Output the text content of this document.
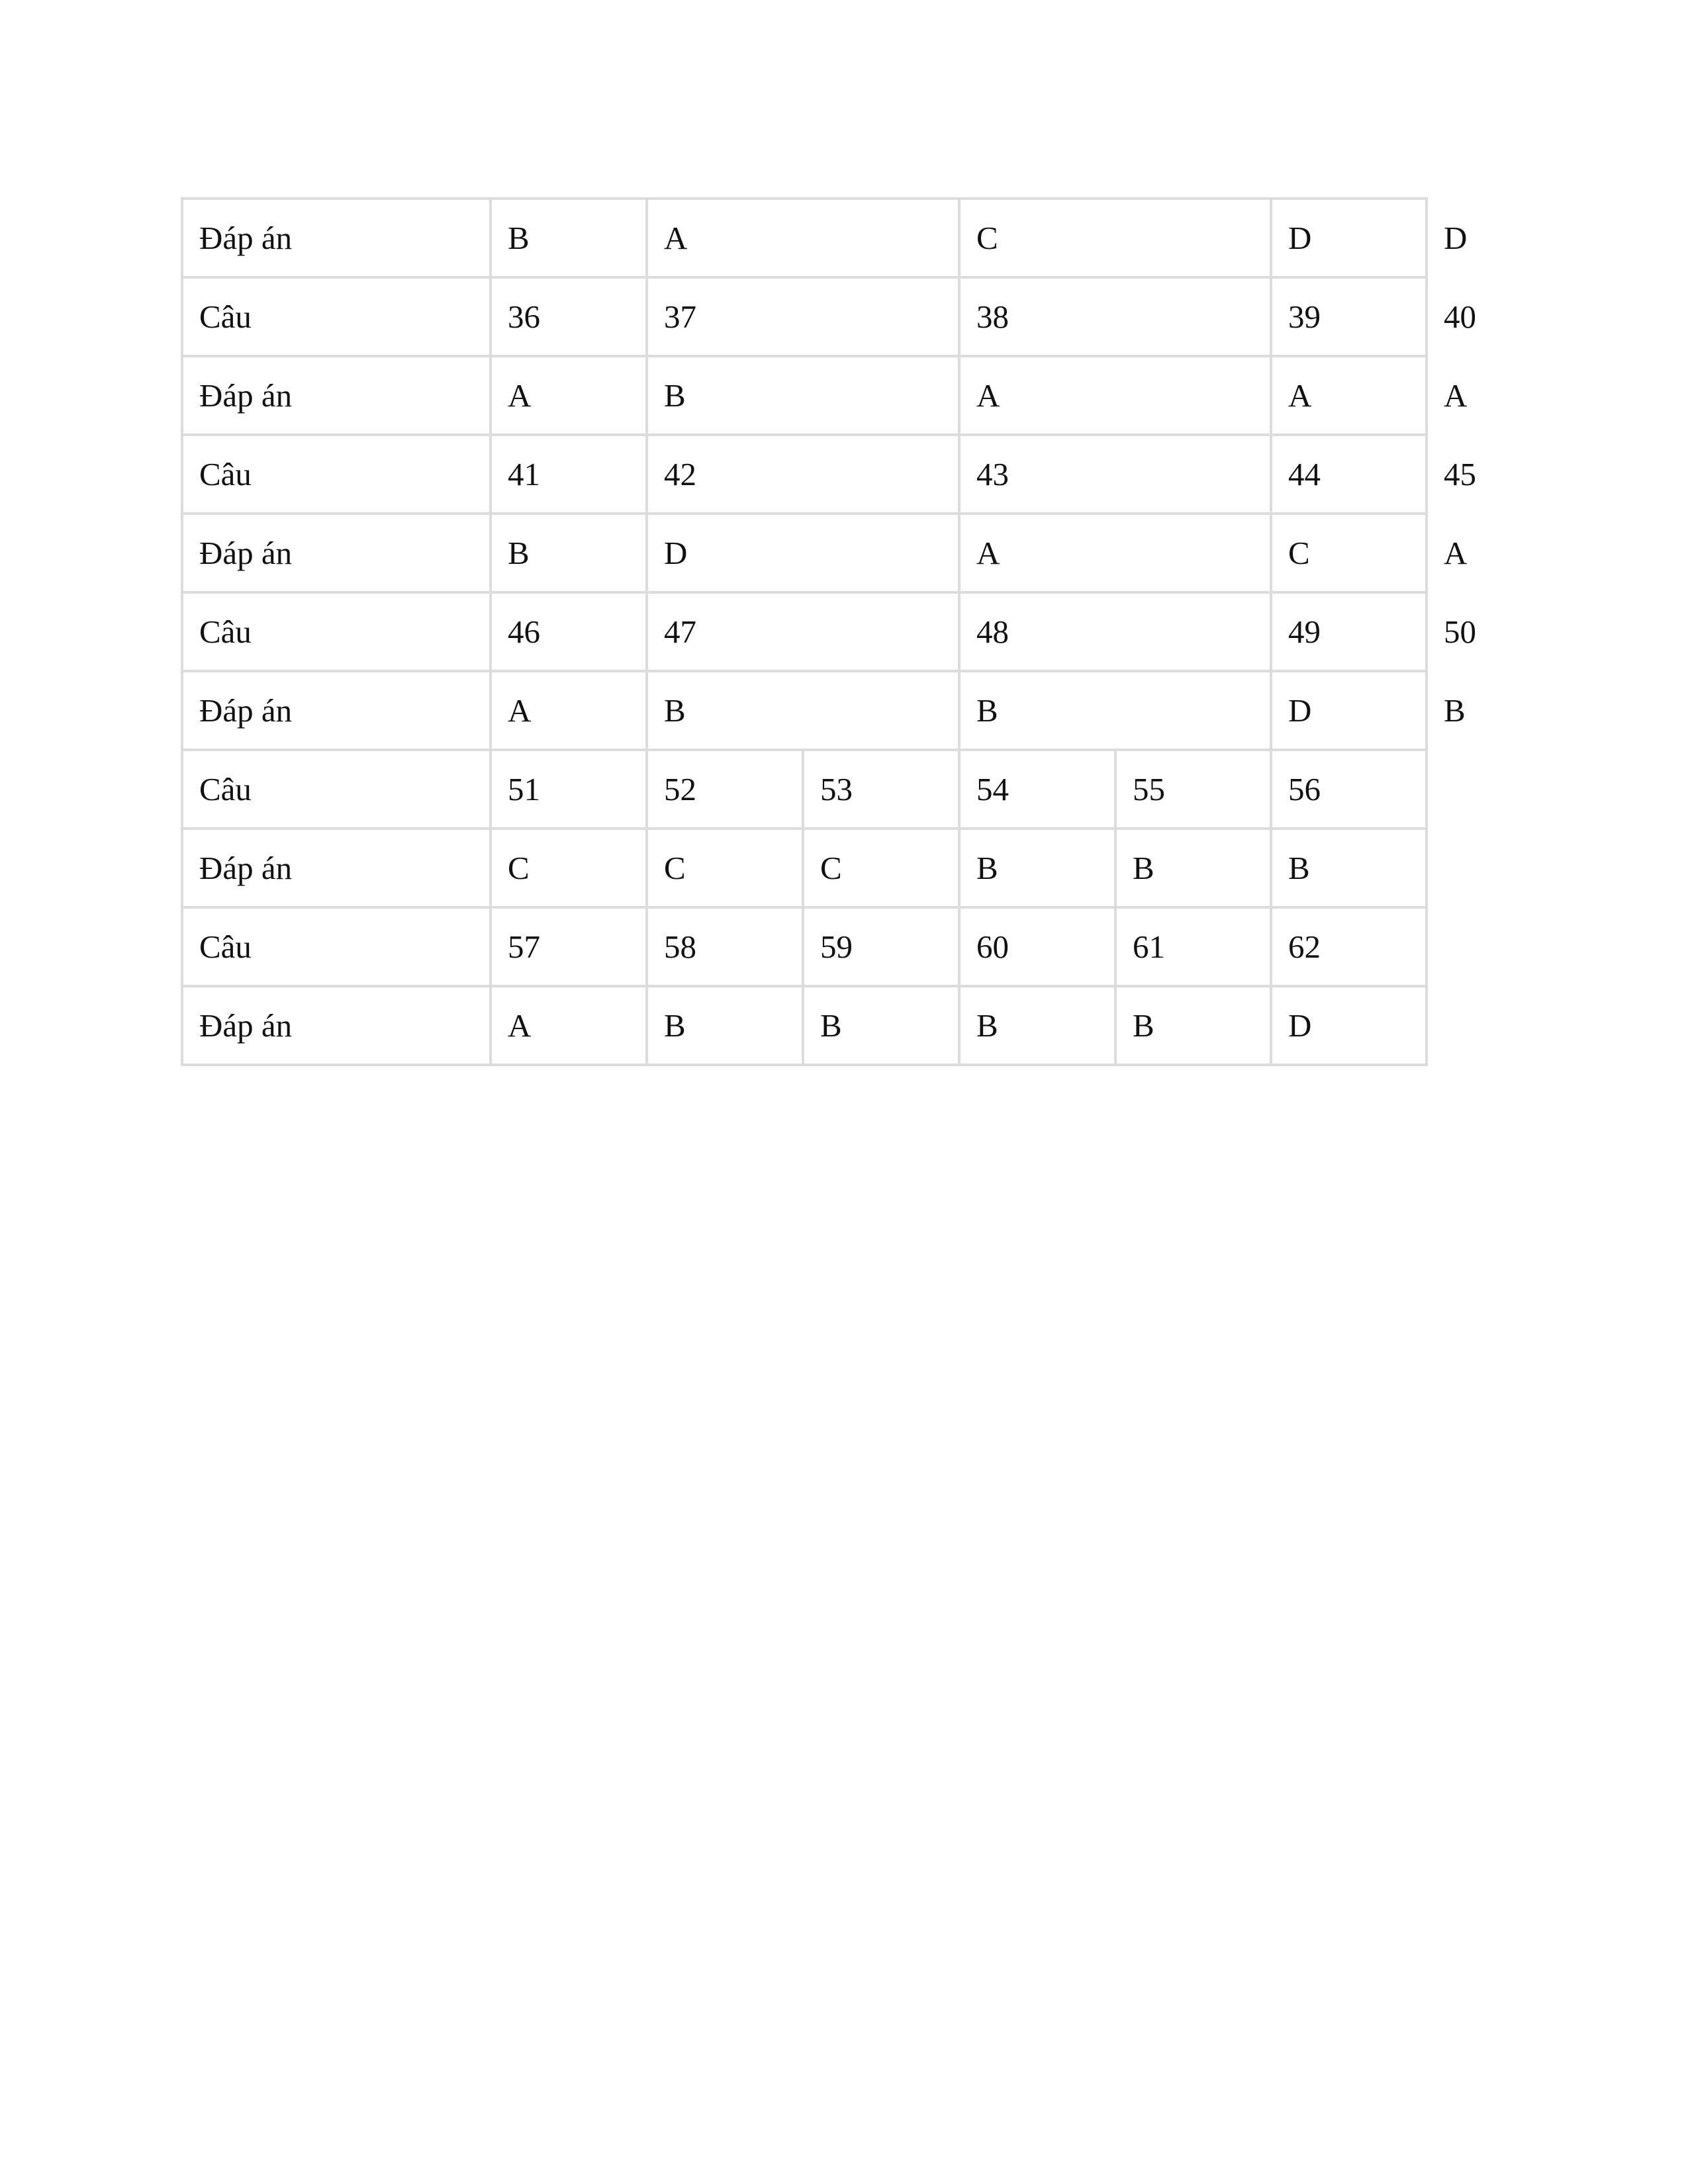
Đáp án	B	A		C		D	D
Câu	36	37		38		39	40
Đáp án	A	B		A		A	A
Câu	41	42		43		44	45
Đáp án	B	D		A		C	A
Câu	46	47		48		49	50
Đáp án	A	B		B		D	B
Câu	51	52	53	54	55	56	
Đáp án	C	C	C	B	B	B	
Câu	57	58	59	60	61	62	
Đáp án	A	B	B	B	B	D	
